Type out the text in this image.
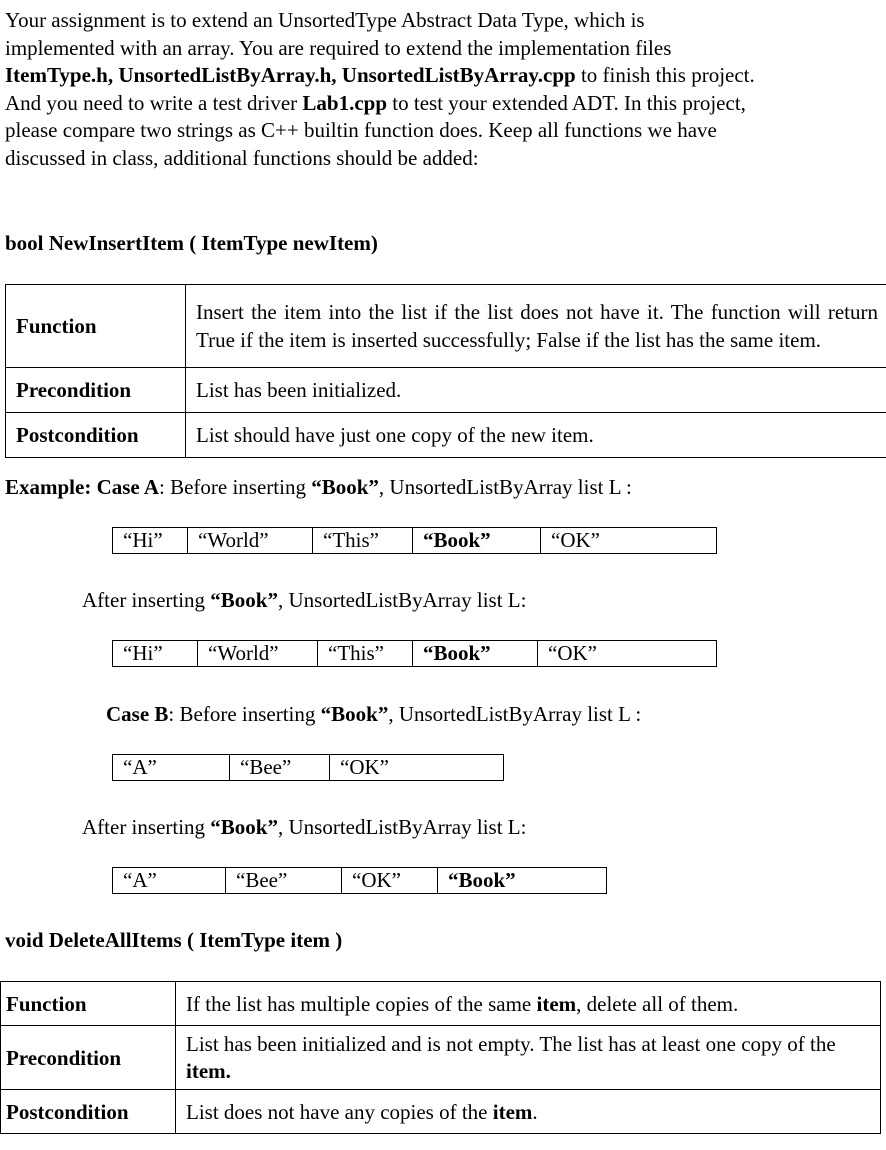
Your assignment is to extend an UnsortedType Abstract Data Type, which is
implemented with an array. You are required to extend the implementation files
ItemType.h, UnsortedListByArray.h, UnsortedListByArray.cpp to finish this project.
And you need to write a test driver Lab1.cpp to test your extended ADT. In this project,
please compare two strings as C++ builtin function does. Keep all functions we have
discussed in class, additional functions should be added:
bool NewInsertItem ( ItemType newItem)
Function	Insert the item into the list if the list does not have it. The function will return True if the item is inserted successfully; False if the list has the same item.
Precondition	List has been initialized.
Postcondition	List should have just one copy of the new item.
Example: Case A: Before inserting “Book”, UnsortedListByArray list L :
“Hi”	“World”	“This”	“Book”	“OK”
After inserting “Book”, UnsortedListByArray list L:
“Hi”	“World”	“This”	“Book”	“OK”
Case B: Before inserting “Book”, UnsortedListByArray list L :
“A”	“Bee”	“OK”
After inserting “Book”, UnsortedListByArray list L:
“A”	“Bee”	“OK”	“Book”
void DeleteAllItems ( ItemType item )
Function	If the list has multiple copies of the same item, delete all of them.
Precondition	List has been initialized and is not empty. The list has at least one copy of the item.
Postcondition	List does not have any copies of the item.
